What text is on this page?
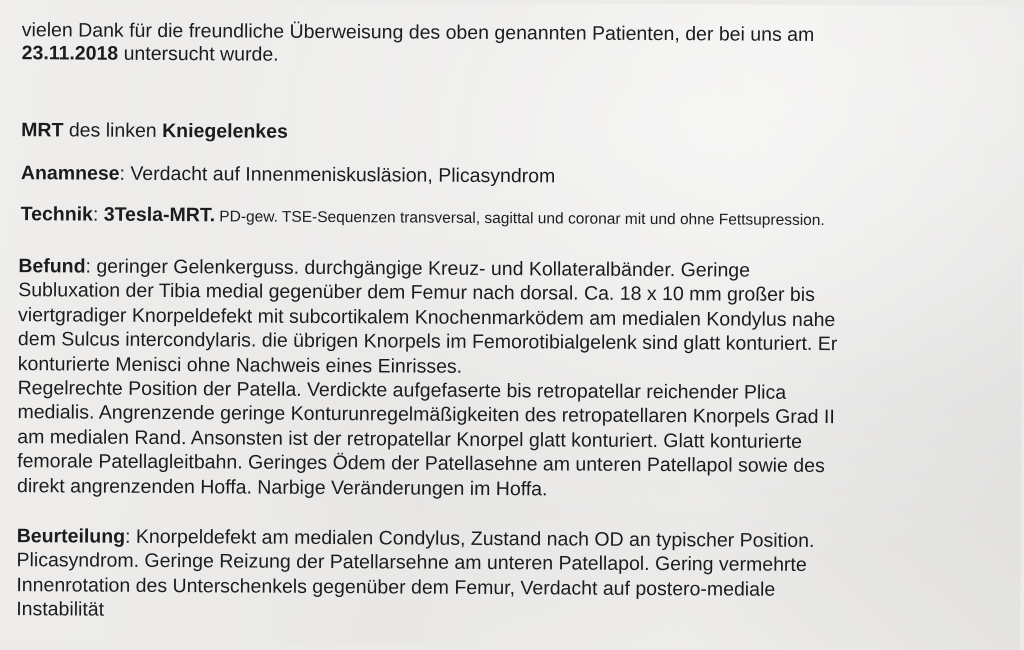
vielen Dank für die freundliche Überweisung des oben genannten Patienten, der bei uns am
23.11.2018 untersucht wurde.
MRT des linken Kniegelenkes
Anamnese: Verdacht auf Innenmeniskusläsion, Plicasyndrom
Technik: 3Tesla-MRT. PD-gew. TSE-Sequenzen transversal, sagittal und coronar mit und ohne Fettsupression.
Befund: geringer Gelenkerguss. durchgängige Kreuz- und Kollateralbänder. Geringe
Subluxation der Tibia medial gegenüber dem Femur nach dorsal. Ca. 18 x 10 mm großer bis
viertgradiger Knorpeldefekt mit subcortikalem Knochenmarködem am medialen Kondylus nahe
dem Sulcus intercondylaris. die übrigen Knorpels im Femorotibialgelenk sind glatt konturiert. Er
konturierte Menisci ohne Nachweis eines Einrisses.
Regelrechte Position der Patella. Verdickte aufgefaserte bis retropatellar reichender Plica
medialis. Angrenzende geringe Konturunregelmäßigkeiten des retropatellaren Knorpels Grad II
am medialen Rand. Ansonsten ist der retropatellar Knorpel glatt konturiert. Glatt konturierte
femorale Patellagleitbahn. Geringes Ödem der Patellasehne am unteren Patellapol sowie des
direkt angrenzenden Hoffa. Narbige Veränderungen im Hoffa.
Beurteilung: Knorpeldefekt am medialen Condylus, Zustand nach OD an typischer Position.
Plicasyndrom. Geringe Reizung der Patellarsehne am unteren Patellapol. Gering vermehrte
Innenrotation des Unterschenkels gegenüber dem Femur, Verdacht auf postero-mediale
Instabilität
